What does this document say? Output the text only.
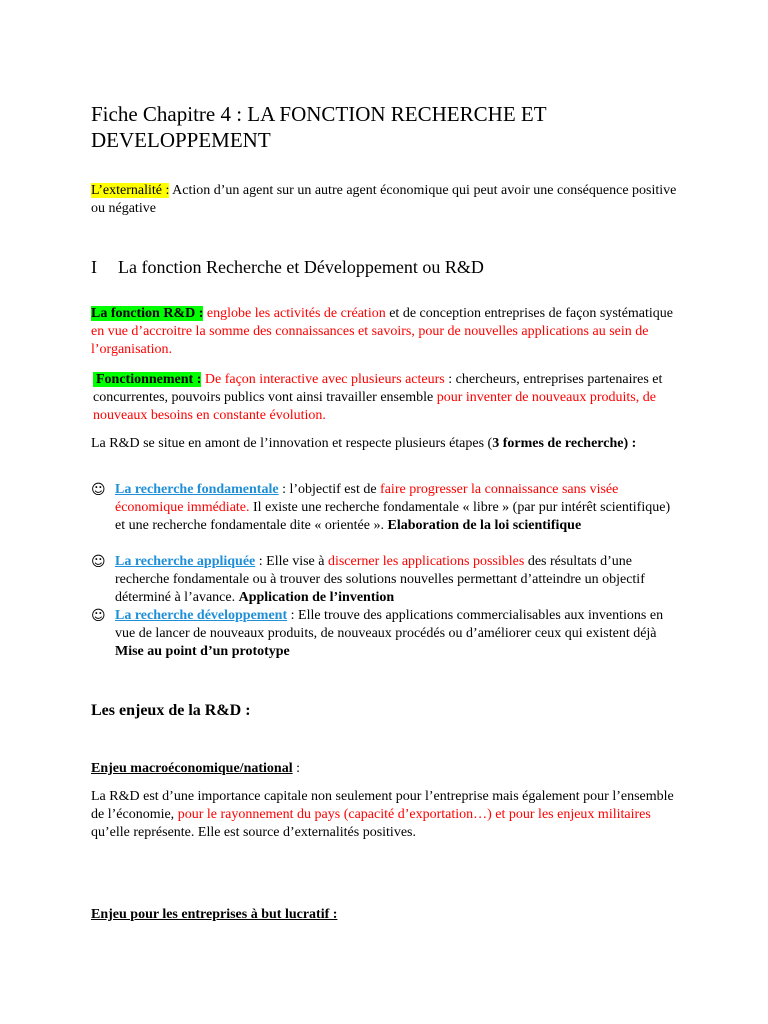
Fiche Chapitre 4 : LA FONCTION RECHERCHE ET DEVELOPPEMENT
L’externalité : Action d’un agent sur un autre agent économique qui peut avoir une conséquence positive ou négative
I La fonction Recherche et Développement ou R&D
La fonction R&D : englobe les activités de création et de conception entreprises de façon systématique en vue d’accroitre la somme des connaissances et savoirs, pour de nouvelles applications au sein de l’organisation.
Fonctionnement : De façon interactive avec plusieurs acteurs : chercheurs, entreprises partenaires et concurrentes, pouvoirs publics vont ainsi travailler ensemble pour inventer de nouveaux produits, de nouveaux besoins en constante évolution.
La R&D se situe en amont de l’innovation et respecte plusieurs étapes (3 formes de recherche) :
☺ La recherche fondamentale : l’objectif est de faire progresser la connaissance sans visée économique immédiate. Il existe une recherche fondamentale « libre » (par pur intérêt scientifique) et une recherche fondamentale dite « orientée ». Elaboration de la loi scientifique
☺ La recherche appliquée : Elle vise à discerner les applications possibles des résultats d’une recherche fondamentale ou à trouver des solutions nouvelles permettant d’atteindre un objectif déterminé à l’avance. Application de l’invention
☺ La recherche développement : Elle trouve des applications commercialisables aux inventions en vue de lancer de nouveaux produits, de nouveaux procédés ou d’améliorer ceux qui existent déjà Mise au point d’un prototype
Les enjeux de la R&D :
Enjeu macroéconomique/national :
La R&D est d’une importance capitale non seulement pour l’entreprise mais également pour l’ensemble de l’économie, pour le rayonnement du pays (capacité d’exportation…) et pour les enjeux militaires qu’elle représente. Elle est source d’externalités positives.
Enjeu pour les entreprises à but lucratif :
